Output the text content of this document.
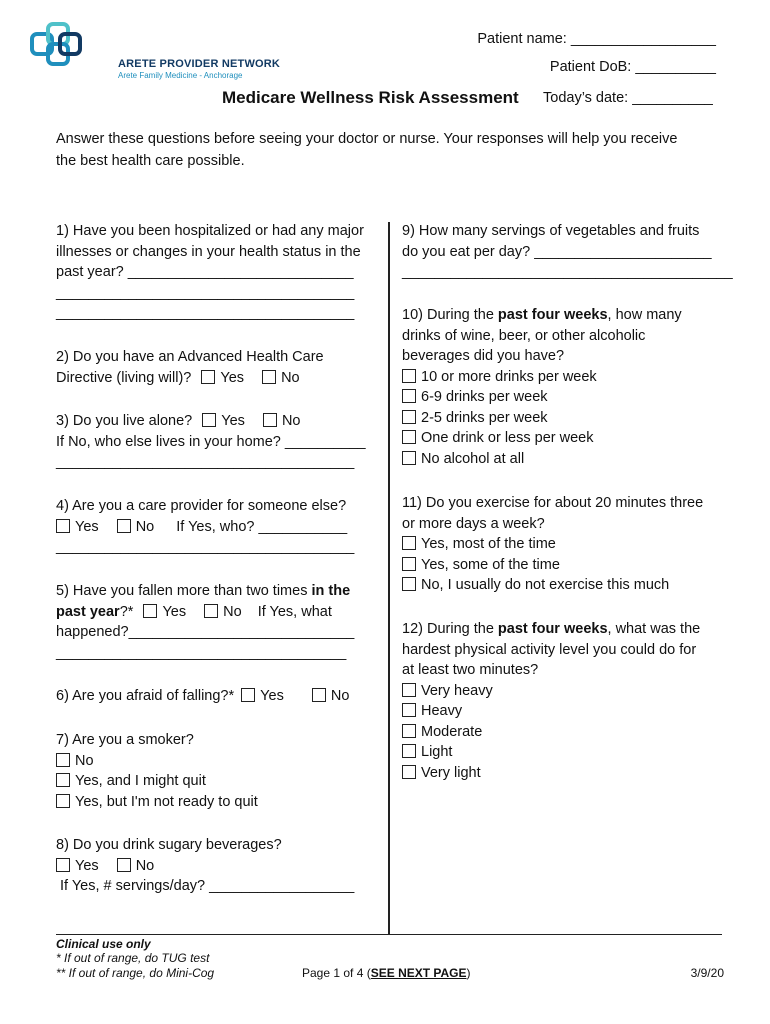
ARETE PROVIDER NETWORK
Arete Family Medicine - Anchorage
Patient name: __________________
Patient DoB: __________
Medicare Wellness Risk Assessment Today’s date: __________
Answer these questions before seeing your doctor or nurse. Your responses will help you receive
the best health care possible.
1) Have you been hospitalized or had any major
illnesses or changes in your health status in the
past year? ____________________________
_____________________________________
_____________________________________
2) Do you have an Advanced Health Care
Directive (living will)? Yes	No
3) Do you live alone? Yes	No
If No, who else lives in your home? __________
_____________________________________
4) Are you a care provider for someone else?
Yes	No If Yes, who? ___________
_____________________________________
5) Have you fallen more than two times in the
past year?* Yes	No If Yes, what
happened?____________________________
____________________________________
6) Are you afraid of falling?* Yes	No
7) Are you a smoker?
No
Yes, and I might quit
Yes, but I'm not ready to quit
8) Do you drink sugary beverages?
Yes	No
If Yes, # servings/day? __________________
9) How many servings of vegetables and fruits
do you eat per day? ______________________
_________________________________________
10) During the past four weeks, how many
drinks of wine, beer, or other alcoholic
beverages did you have?
10 or more drinks per week
6-9 drinks per week
2-5 drinks per week
One drink or less per week
No alcohol at all
11) Do you exercise for about 20 minutes three
or more days a week?
Yes, most of the time
Yes, some of the time
No, I usually do not exercise this much
12) During the past four weeks, what was the
hardest physical activity level you could do for
at least two minutes?
Very heavy
Heavy
Moderate
Light
Very light
Clinical use only
* If out of range, do TUG test
** If out of range, do Mini-Cog	Page 1 of 4 (SEE NEXT PAGE)	3/9/20
